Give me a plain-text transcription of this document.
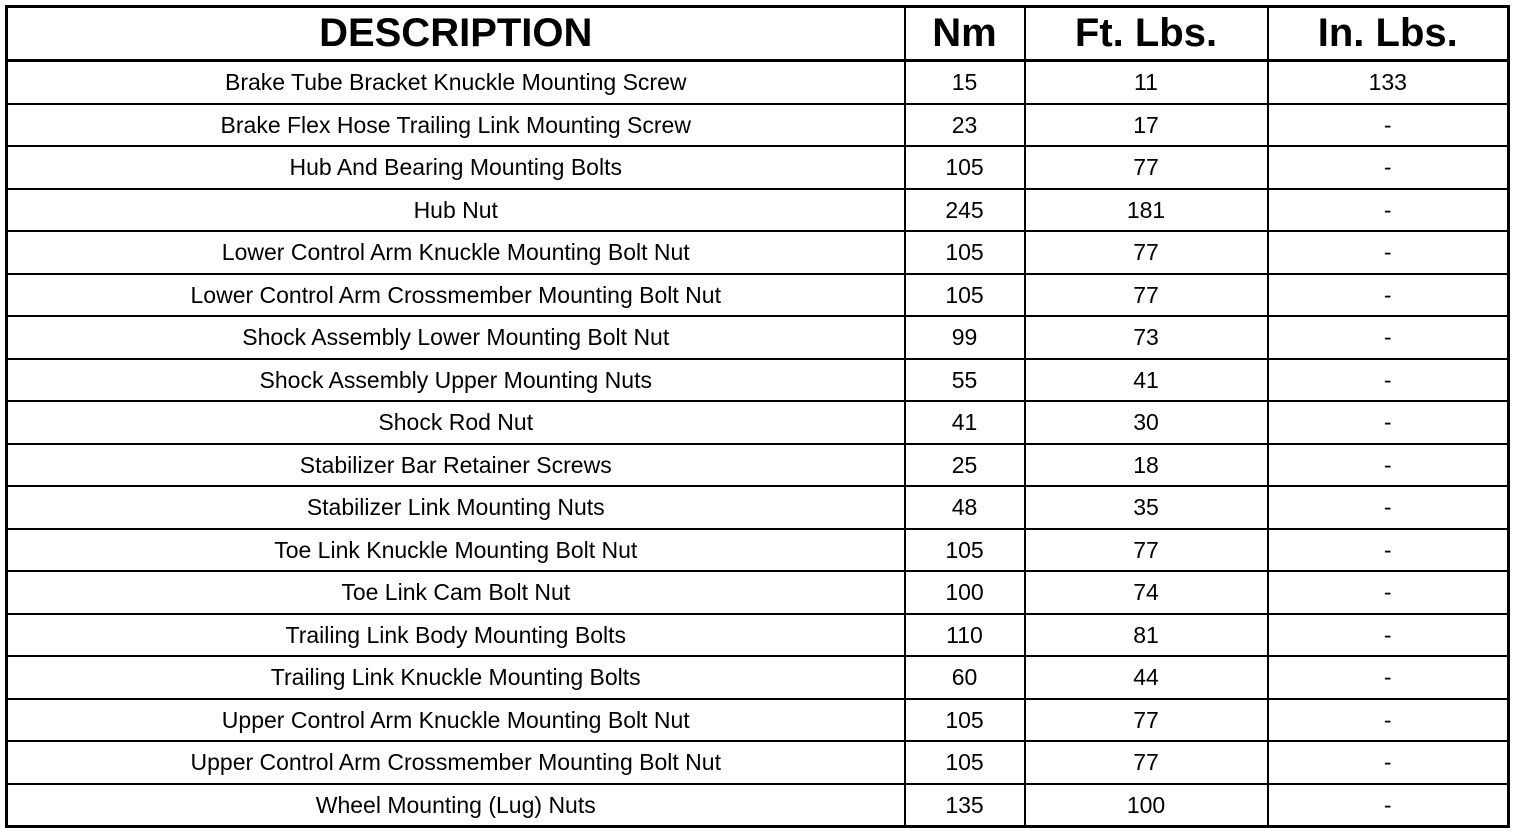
DESCRIPTION	Nm	Ft. Lbs.	In. Lbs.
Brake Tube Bracket Knuckle Mounting Screw	15	11	133
Brake Flex Hose Trailing Link Mounting Screw	23	17	-
Hub And Bearing Mounting Bolts	105	77	-
Hub Nut	245	181	-
Lower Control Arm Knuckle Mounting Bolt Nut	105	77	-
Lower Control Arm Crossmember Mounting Bolt Nut	105	77	-
Shock Assembly Lower Mounting Bolt Nut	99	73	-
Shock Assembly Upper Mounting Nuts	55	41	-
Shock Rod Nut	41	30	-
Stabilizer Bar Retainer Screws	25	18	-
Stabilizer Link Mounting Nuts	48	35	-
Toe Link Knuckle Mounting Bolt Nut	105	77	-
Toe Link Cam Bolt Nut	100	74	-
Trailing Link Body Mounting Bolts	110	81	-
Trailing Link Knuckle Mounting Bolts	60	44	-
Upper Control Arm Knuckle Mounting Bolt Nut	105	77	-
Upper Control Arm Crossmember Mounting Bolt Nut	105	77	-
Wheel Mounting (Lug) Nuts	135	100	-
